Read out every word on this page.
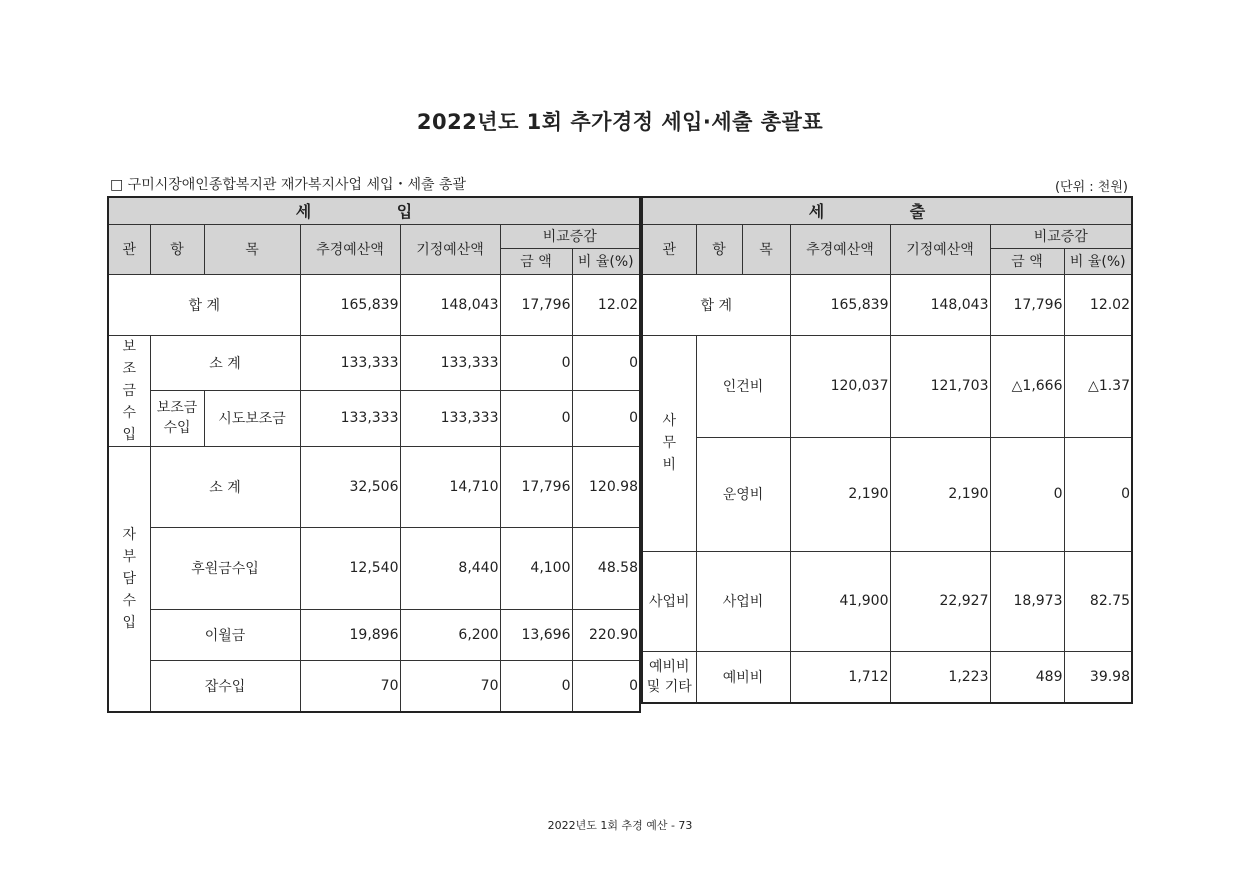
2022년도 1회 추가경정 세입·세출 총괄표
□ 구미시장애인종합복지관 재가복지사업 세입・세출 총괄	(단위 : 천원)
세 입						
관	항	목	추경예산액	기정예산액	비교증감	
					금 액	비 율(%)
합 계			165,839	148,043	17,796	12.02

보
조
금
수
입	소 계		133,333	133,333	0	0
	보조금수입	시도보조금	133,333	133,333	0	0

자
부
담
수
입	소 계		32,506	14,710	17,796	120.98
	후원금수입		12,540	8,440	4,100	48.58
	이월금		19,896	6,200	13,696	220.90
	잡수입		70	70	0	0
세 출						
관	항	목	추경예산액	기정예산액	비교증감	
					금 액	비 율(%)
합 계			165,839	148,043	17,796	12.02

사
무
비	인건비		120,037	121,703	△1,666	△1.37
	운영비		2,190	2,190	0	0
사업비	사업비		41,900	22,927	18,973	82.75
예비비 및 기타	예비비		1,712	1,223	489	39.98
2022년도 1회 추경 예산 - 73
